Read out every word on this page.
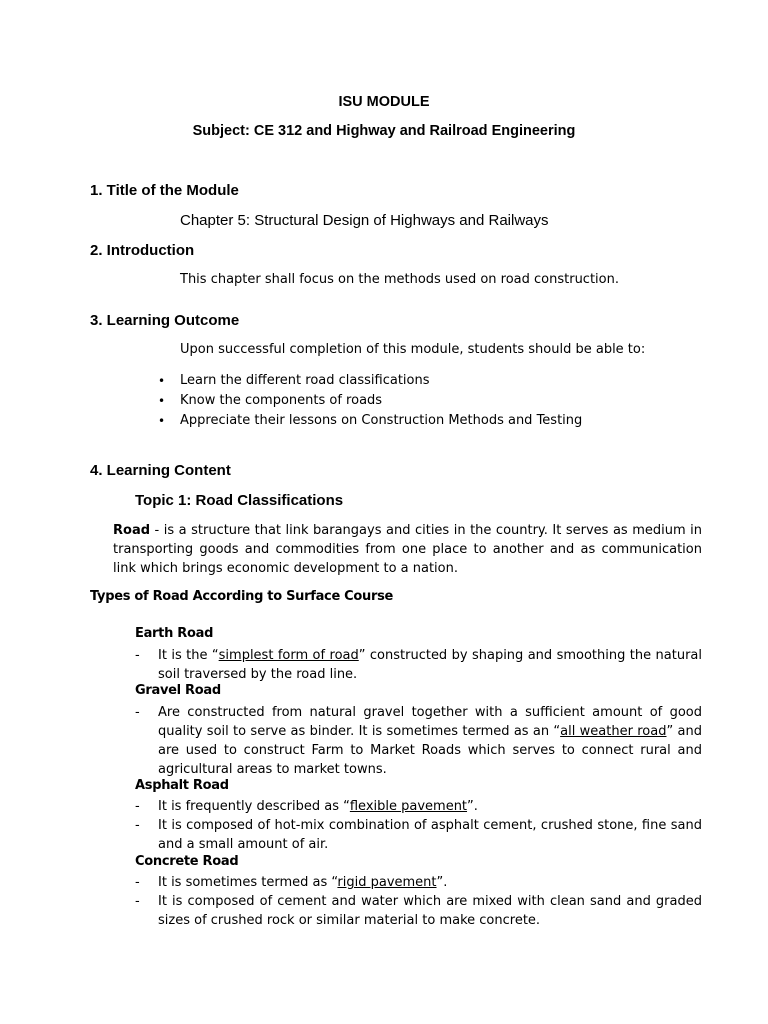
ISU MODULE

Subject: CE 312 and Highway and Railroad Engineering

1. Title of the Module

Chapter 5: Structural Design of Highways and Railways

2. Introduction

This chapter shall focus on the methods used on road construction.

3. Learning Outcome

Upon successful completion of this module, students should be able to:

• Learn the different road classifications
• Know the components of roads
• Appreciate their lessons on Construction Methods and Testing

4. Learning Content

Topic 1: Road Classifications

Road - is a structure that link barangays and cities in the country. It serves as medium in transporting goods and commodities from one place to another and as communication link which brings economic development to a nation.

Types of Road According to Surface Course

Earth Road

- It is the “simplest form of road” constructed by shaping and smoothing the natural soil traversed by the road line.

Gravel Road

- Are constructed from natural gravel together with a sufficient amount of good quality soil to serve as binder. It is sometimes termed as an “all weather road” and are used to construct Farm to Market Roads which serves to connect rural and agricultural areas to market towns.

Asphalt Road

- It is frequently described as “flexible pavement”.
- It is composed of hot-mix combination of asphalt cement, crushed stone, fine sand and a small amount of air.

Concrete Road

- It is sometimes termed as “rigid pavement”.
- It is composed of cement and water which are mixed with clean sand and graded sizes of crushed rock or similar material to make concrete.
